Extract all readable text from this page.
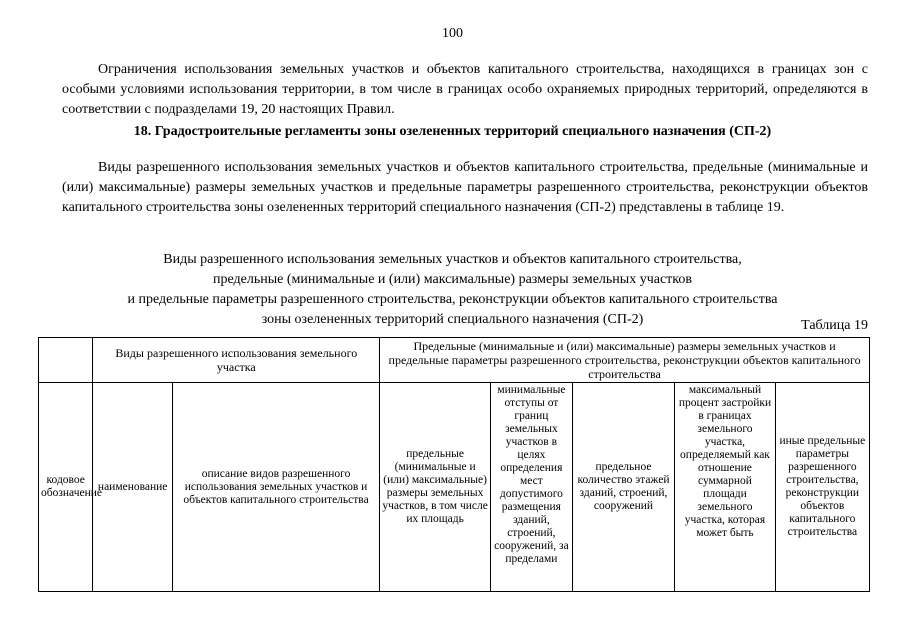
100

Ограничения использования земельных участков и объектов капитального строительства, находящихся в границах зон с особыми условиями использования территории, в том числе в границах особо охраняемых природных территорий, определяются в соответствии с подразделами 19, 20 настоящих Правил.

18. Градостроительные регламенты зоны озелененных территорий специального назначения (СП-2)

Виды разрешенного использования земельных участков и объектов капитального строительства, предельные (минимальные и (или) максимальные) размеры земельных участков и предельные параметры разрешенного строительства, реконструкции объектов капитального строительства зоны озелененных территорий специального назначения (СП-2) представлены в таблице 19.

Виды разрешенного использования земельных участков и объектов капитального строительства,
предельные (минимальные и (или) максимальные) размеры земельных участков
и предельные параметры разрешенного строительства, реконструкции объектов капитального строительства
зоны озелененных территорий специального назначения (СП-2)	Таблица 19
	Виды разрешенного использования земельного участка		Предельные (минимальные и (или) максимальные) размеры земельных участков и предельные параметры разрешенного строительства, реконструкции объектов капитального строительства				

кодовое обозначение	наименование	описание видов разрешенного использования земельных участков и объектов капитального строительства	предельные (минимальные и (или) максимальные) размеры земельных участков, в том числе их площадь	минимальные отступы от границ земельных участков в целях определения мест допустимого размещения зданий, строений, сооружений, за пределами	предельное количество этажей зданий, строений, сооружений	максимальный процент застройки в границах земельного участка, определяемый как отношение суммарной площади земельного участка, которая может быть	иные предельные параметры разрешенного строительства, реконструкции объектов капитального строительства
